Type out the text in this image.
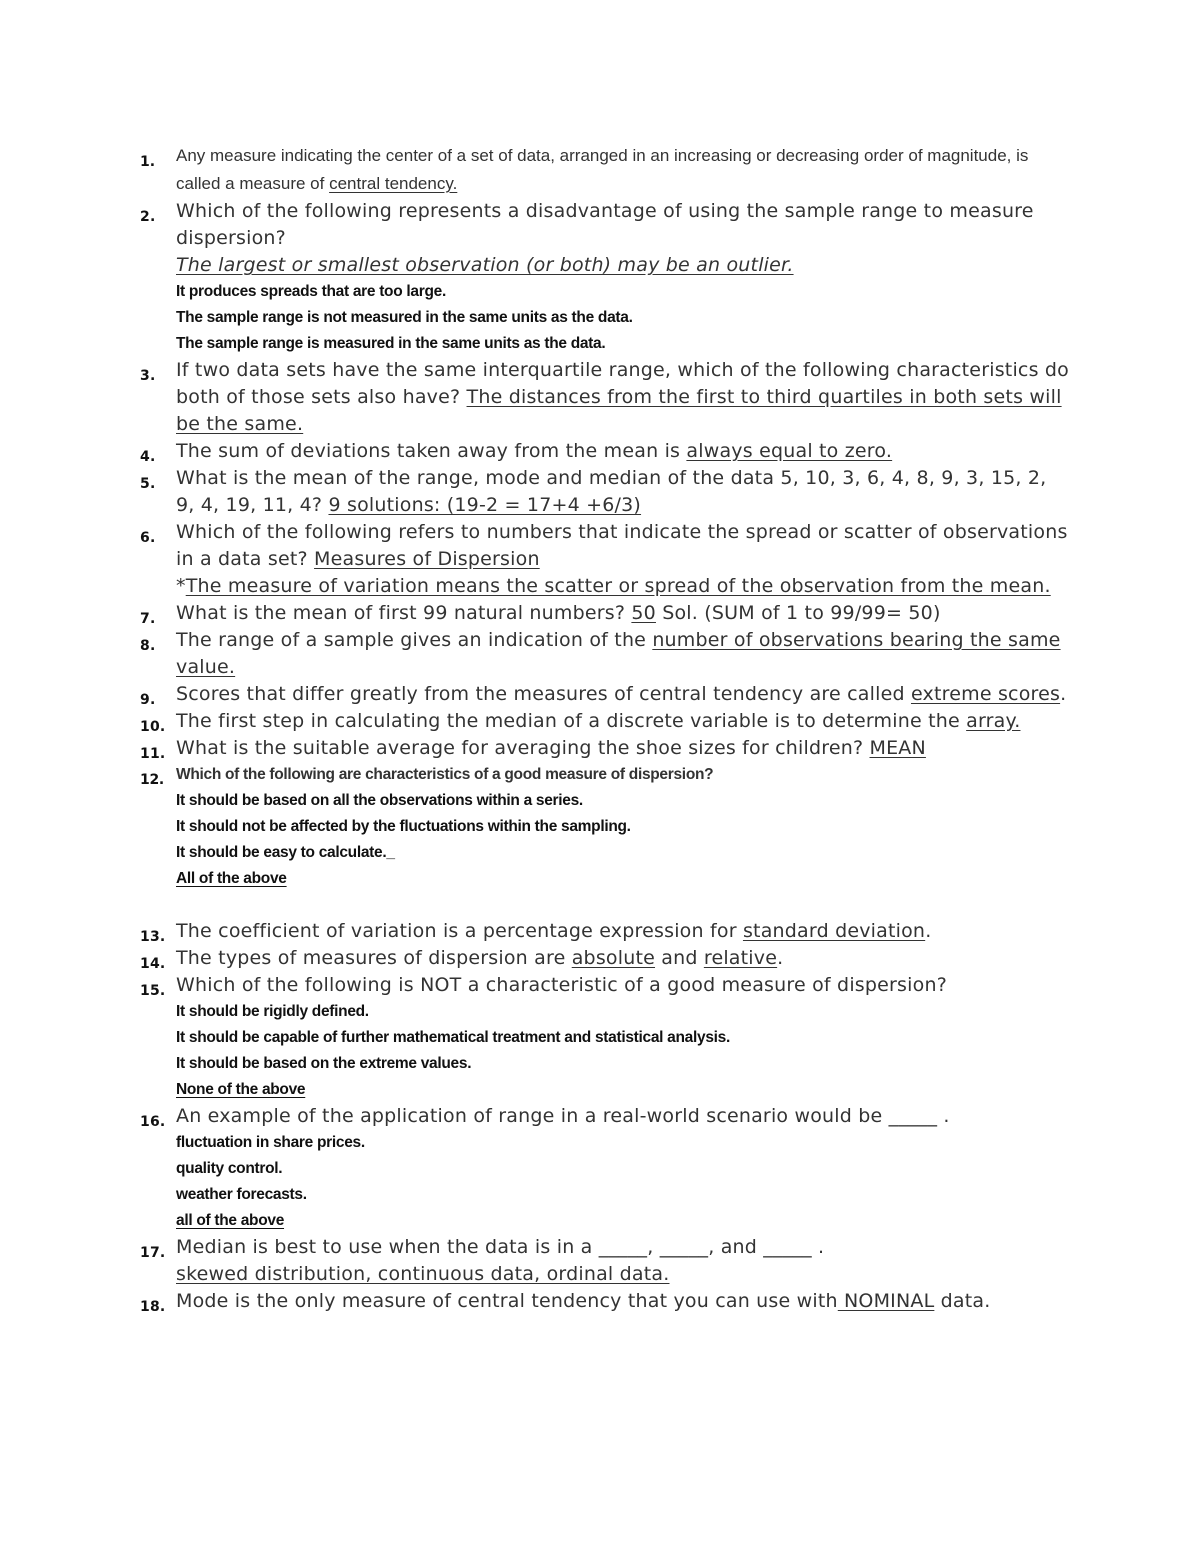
1. Any measure indicating the center of a set of data, arranged in an increasing or decreasing order of magnitude, is called a measure of central tendency.
2. Which of the following represents a disadvantage of using the sample range to measure dispersion?
The largest or smallest observation (or both) may be an outlier.
It produces spreads that are too large.
The sample range is not measured in the same units as the data.
The sample range is measured in the same units as the data.
3. If two data sets have the same interquartile range, which of the following characteristics do both of those sets also have? The distances from the first to third quartiles in both sets will be the same.
4. The sum of deviations taken away from the mean is always equal to zero.
5. What is the mean of the range, mode and median of the data 5, 10, 3, 6, 4, 8, 9, 3, 15, 2, 9, 4, 19, 11, 4? 9 solutions: (19-2 = 17+4 +6/3)
6. Which of the following refers to numbers that indicate the spread or scatter of observations in a data set? Measures of Dispersion
*The measure of variation means the scatter or spread of the observation from the mean.
7. What is the mean of first 99 natural numbers? 50 Sol. (SUM of 1 to 99/99= 50)
8. The range of a sample gives an indication of the number of observations bearing the same value.
9. Scores that differ greatly from the measures of central tendency are called extreme scores.
10. The first step in calculating the median of a discrete variable is to determine the array.
11. What is the suitable average for averaging the shoe sizes for children? MEAN
12. Which of the following are characteristics of a good measure of dispersion?
It should be based on all the observations within a series.
It should not be affected by the fluctuations within the sampling.
It should be easy to calculate._
All of the above
13. The coefficient of variation is a percentage expression for standard deviation.
14. The types of measures of dispersion are absolute and relative.
15. Which of the following is NOT a characteristic of a good measure of dispersion?
It should be rigidly defined.
It should be capable of further mathematical treatment and statistical analysis.
It should be based on the extreme values.
None of the above
16. An example of the application of range in a real-world scenario would be _____ .
fluctuation in share prices.
quality control.
weather forecasts.
all of the above
17. Median is best to use when the data is in a _____, _____, and _____ .
skewed distribution, continuous data, ordinal data.
18. Mode is the only measure of central tendency that you can use with NOMINAL data.
